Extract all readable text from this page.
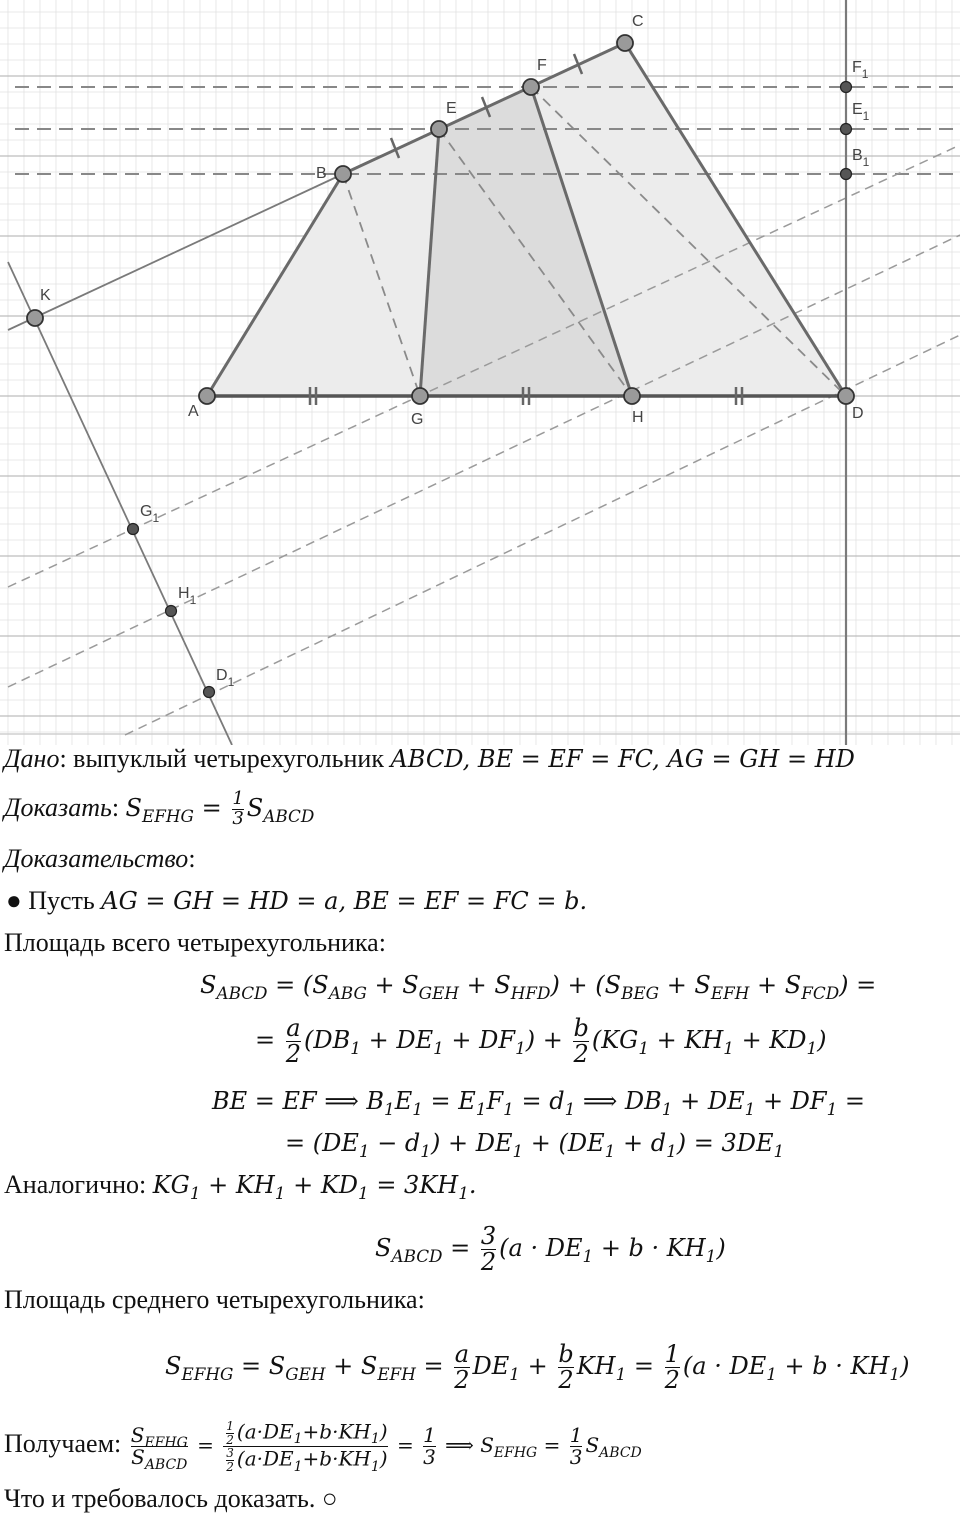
A
B
C
D
E
F
G	H
K
$F_1$
$E_1$
$B_1$
$G_1$
$H_1$
$D_1$
Дано: выпуклый четырехугольник ABCD, BE = EF = FC, AG = GH = HD
Доказать: $S_{EFHG} = \frac{1}{3} S_{ABCD}$
Доказательство:
● Пусть AG = GH = HD = a, BE = EF = FC = b.
Площадь всего четырехугольника:
$S_{ABCD} = (S_{ABG} + S_{GEH} + S_{HFD}) + (S_{BEG} + S_{EFH} + S_{FCD})$ =
= $\frac{a}{2} (DB_1 + DE_1 + DF_1) + \frac{b}{2} (KG_1 + KH_1 + KD_1)$
BE = EF ⟹ $B_1E_1 = E_1F_1 = d_1$ ⟹ $DB_1 + DE_1 + DF_1$ =
= $(DE_1 - d_1) + DE_1 + (DE_1 + d_1) = 3DE_1$
Аналогично: $KG_1 + KH_1 + KD_1 = 3KH_1$.
$S_{ABCD} = \frac{3}{2} (a \cdot DE_1 + b \cdot KH_1)$
Площадь среднего четырехугольника:
$S_{EFHG} = S_{GEH} + S_{EFH} = \frac{a}{2} DE_1 + \frac{b}{2} KH_1 = \frac{1}{2} (a \cdot DE_1 + b \cdot KH_1)$
Получаем: $\frac{S_{EFHG}}{S_{ABCD}} = \frac{\frac{1}{2} (a\cdot DE_1+b\cdot KH_1)}{\frac{3}{2} (a\cdot DE_1+b\cdot KH_1)} = \frac{1}{3}$ ⟹ $S_{EFHG} = \frac{1}{3} S_{ABCD}$
Что и требовалось доказать. ○
